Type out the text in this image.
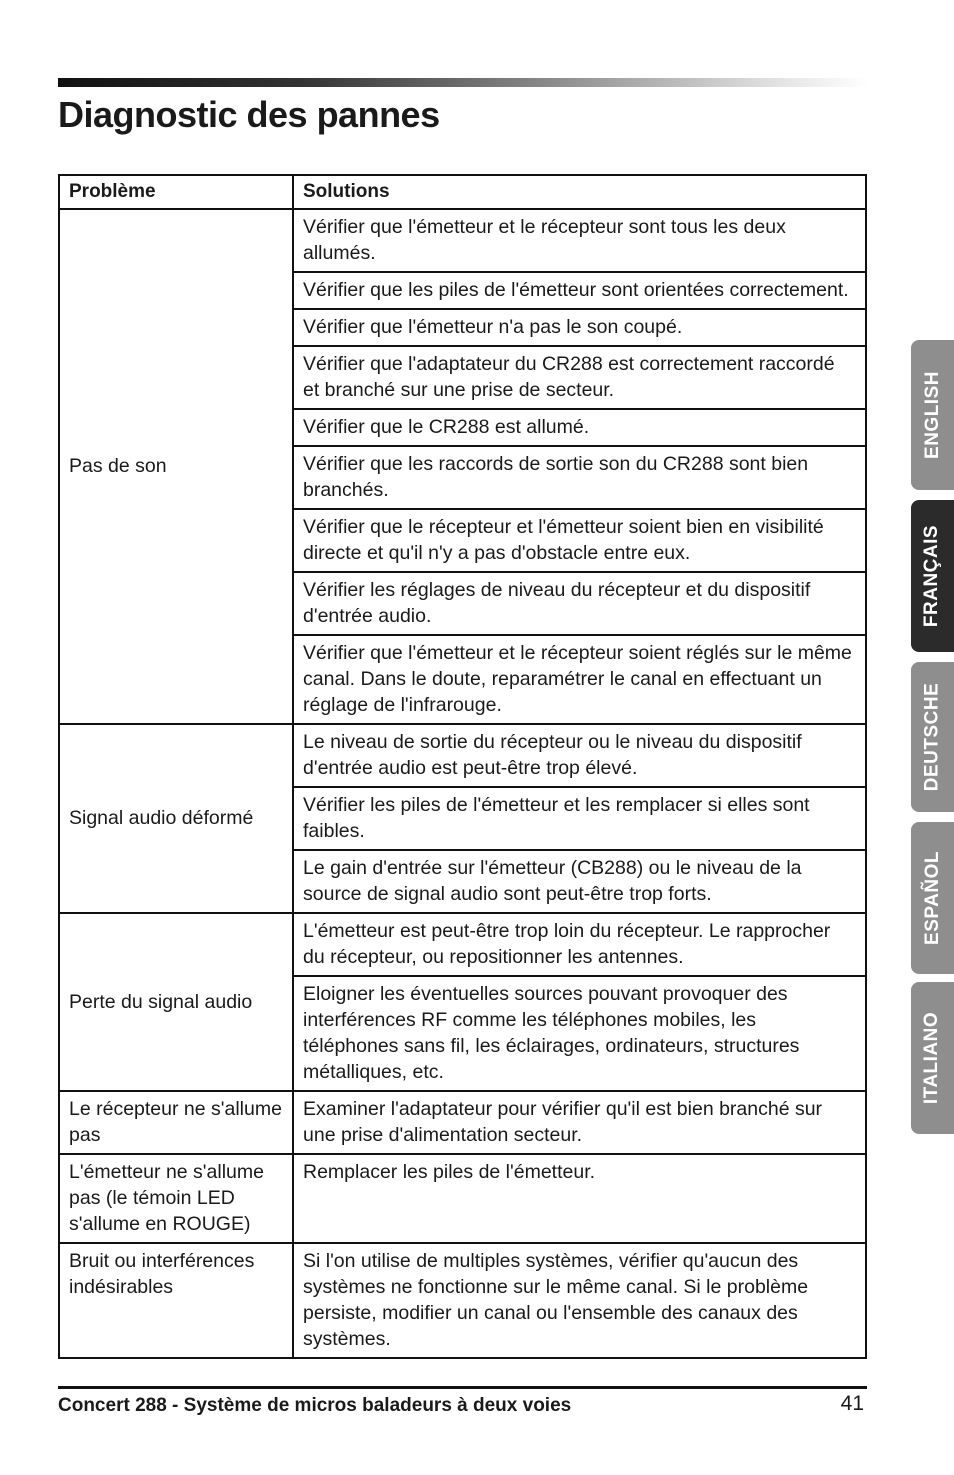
Diagnostic des pannes
Problème	Solutions
Pas de son	Vérifier que l'émetteur et le récepteur sont tous les deux allumés.
	Vérifier que les piles de l'émetteur sont orientées correctement.
	Vérifier que l'émetteur n'a pas le son coupé.
	Vérifier que l'adaptateur du CR288 est correctement raccordé et branché sur une prise de secteur.
	Vérifier que le CR288 est allumé.
	Vérifier que les raccords de sortie son du CR288 sont bien branchés.
	Vérifier que le récepteur et l'émetteur soient bien en visibilité directe et qu'il n'y a pas d'obstacle entre eux.
	Vérifier les réglages de niveau du récepteur et du dispositif d'entrée audio.
	Vérifier que l'émetteur et le récepteur soient réglés sur le même canal. Dans le doute, reparamétrer le canal en effectuant un réglage de l'infrarouge.
Signal audio déformé	Le niveau de sortie du récepteur ou le niveau du dispositif d'entrée audio est peut-être trop élevé.
	Vérifier les piles de l'émetteur et les remplacer si elles sont faibles.
	Le gain d'entrée sur l'émetteur (CB288) ou le niveau de la source de signal audio sont peut-être trop forts.
Perte du signal audio	L'émetteur est peut-être trop loin du récepteur. Le rapprocher du récepteur, ou repositionner les antennes.
	Eloigner les éventuelles sources pouvant provoquer des interférences RF comme les téléphones mobiles, les téléphones sans fil, les éclairages, ordinateurs, structures métalliques, etc.
Le récepteur ne s'allume pas	Examiner l'adaptateur pour vérifier qu'il est bien branché sur une prise d'alimentation secteur.
L'émetteur ne s'allume pas (le témoin LED s'allume en ROUGE)	Remplacer les piles de l'émetteur.
Bruit ou interférences indésirables	Si l'on utilise de multiples systèmes, vérifier qu'aucun des systèmes ne fonctionne sur le même canal. Si le problème persiste, modifier un canal ou l'ensemble des canaux des systèmes.
Concert 288 - Système de micros baladeurs à deux voies	41
ENGLISH
FRANÇAIS
DEUTSCHE
ESPAÑOL
ITALIANO
